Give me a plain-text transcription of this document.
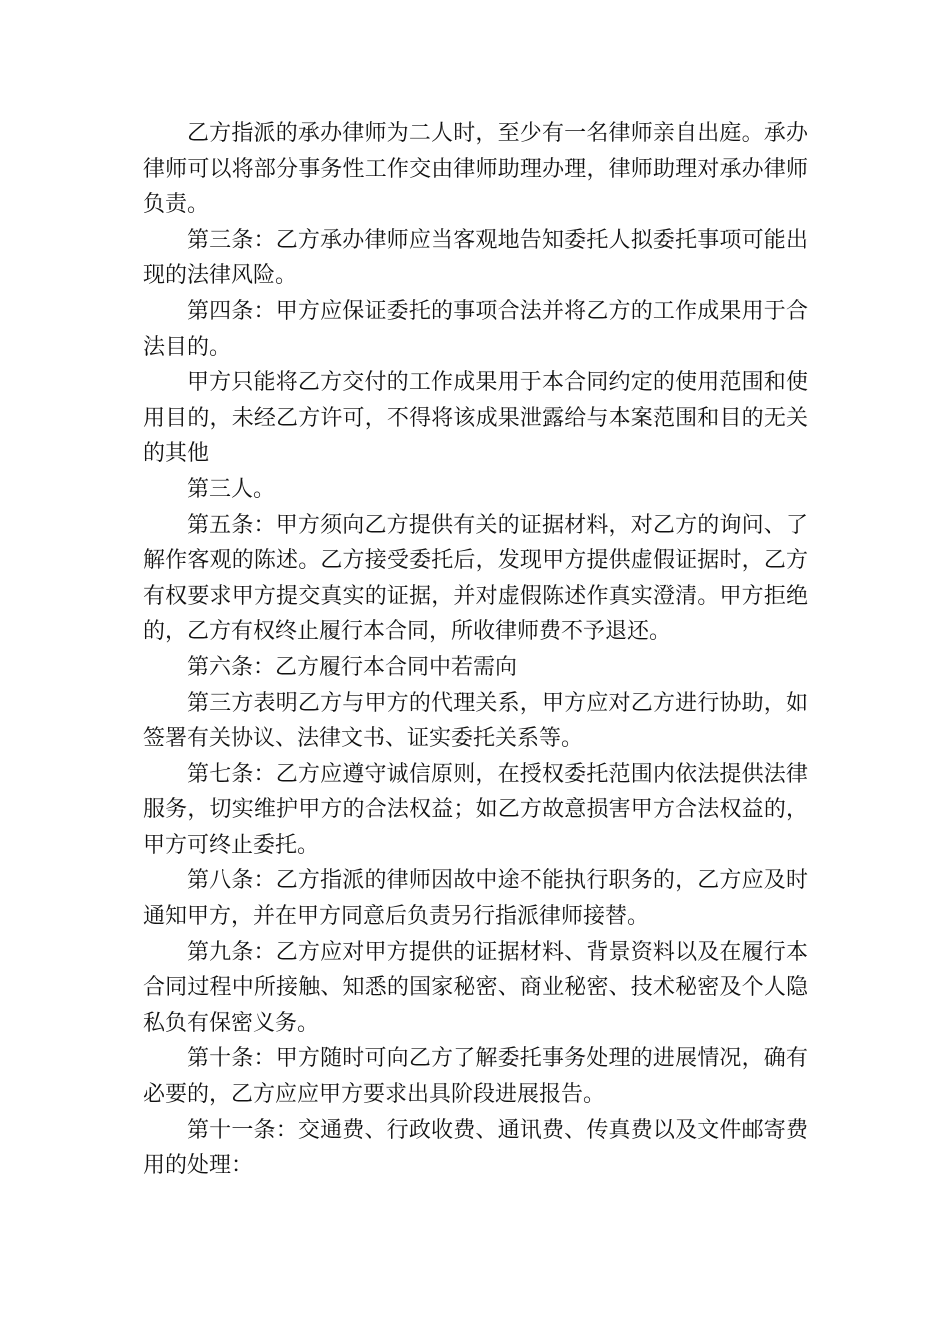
乙方指派的承办律师为二人时，至少有一名律师亲自出庭。承办律师可以将部分事务性工作交由律师助理办理，律师助理对承办律师负责。

第三条：乙方承办律师应当客观地告知委托人拟委托事项可能出现的法律风险。

第四条：甲方应保证委托的事项合法并将乙方的工作成果用于合法目的。

甲方只能将乙方交付的工作成果用于本合同约定的使用范围和使用目的，未经乙方许可，不得将该成果泄露给与本案范围和目的无关的其他

第三人。

第五条：甲方须向乙方提供有关的证据材料，对乙方的询问、了解作客观的陈述。乙方接受委托后，发现甲方提供虚假证据时，乙方有权要求甲方提交真实的证据，并对虚假陈述作真实澄清。甲方拒绝的，乙方有权终止履行本合同，所收律师费不予退还。

第六条：乙方履行本合同中若需向

第三方表明乙方与甲方的代理关系，甲方应对乙方进行协助，如签署有关协议、法律文书、证实委托关系等。

第七条：乙方应遵守诚信原则，在授权委托范围内依法提供法律服务，切实维护甲方的合法权益；如乙方故意损害甲方合法权益的，甲方可终止委托。

第八条：乙方指派的律师因故中途不能执行职务的，乙方应及时通知甲方，并在甲方同意后负责另行指派律师接替。

第九条：乙方应对甲方提供的证据材料、背景资料以及在履行本合同过程中所接触、知悉的国家秘密、商业秘密、技术秘密及个人隐私负有保密义务。

第十条：甲方随时可向乙方了解委托事务处理的进展情况，确有必要的，乙方应应甲方要求出具阶段进展报告。

第十一条：交通费、行政收费、通讯费、传真费以及文件邮寄费用的处理：
